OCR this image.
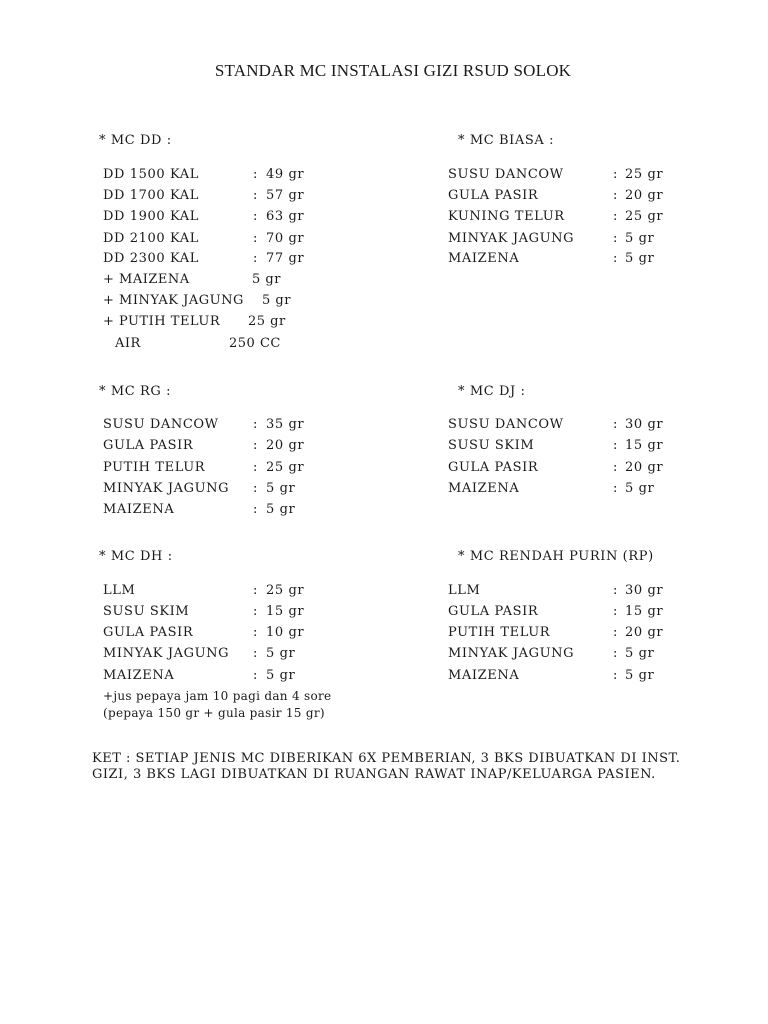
STANDAR MC INSTALASI GIZI RSUD SOLOK
* MC DD :
DD 1500 KAL	: 49 gr
DD 1700 KAL	: 57 gr
DD 1900 KAL	: 63 gr
DD 2100 KAL	: 70 gr
DD 2300 KAL	: 77 gr
+ MAIZENA	5 gr
+ MINYAK JAGUNG 5 gr
+ PUTIH TELUR 25 gr
AIR	250 CC
* MC BIASA :
SUSU DANCOW	: 25 gr
GULA PASIR	: 20 gr
KUNING TELUR	: 25 gr
MINYAK JAGUNG	: 5 gr
MAIZENA	: 5 gr
* MC RG :
SUSU DANCOW	: 35 gr
GULA PASIR	: 20 gr
PUTIH TELUR	: 25 gr
MINYAK JAGUNG : 5 gr
MAIZENA	: 5 gr
* MC DJ :
SUSU DANCOW	: 30 gr
SUSU SKIM	: 15 gr
GULA PASIR	: 20 gr
MAIZENA	: 5 gr
* MC DH :
LLM	: 25 gr
SUSU SKIM	: 15 gr
GULA PASIR	: 10 gr
MINYAK JAGUNG : 5 gr
MAIZENA	: 5 gr
+jus pepaya jam 10 pagi dan 4 sore
(pepaya 150 gr + gula pasir 15 gr)
* MC RENDAH PURIN (RP)
LLM	: 30 gr
GULA PASIR	: 15 gr
PUTIH TELUR	: 20 gr
MINYAK JAGUNG	: 5 gr
MAIZENA	: 5 gr
KET : SETIAP JENIS MC DIBERIKAN 6X PEMBERIAN, 3 BKS DIBUATKAN DI INST. GIZI, 3 BKS LAGI DIBUATKAN DI RUANGAN RAWAT INAP/KELUARGA PASIEN.
